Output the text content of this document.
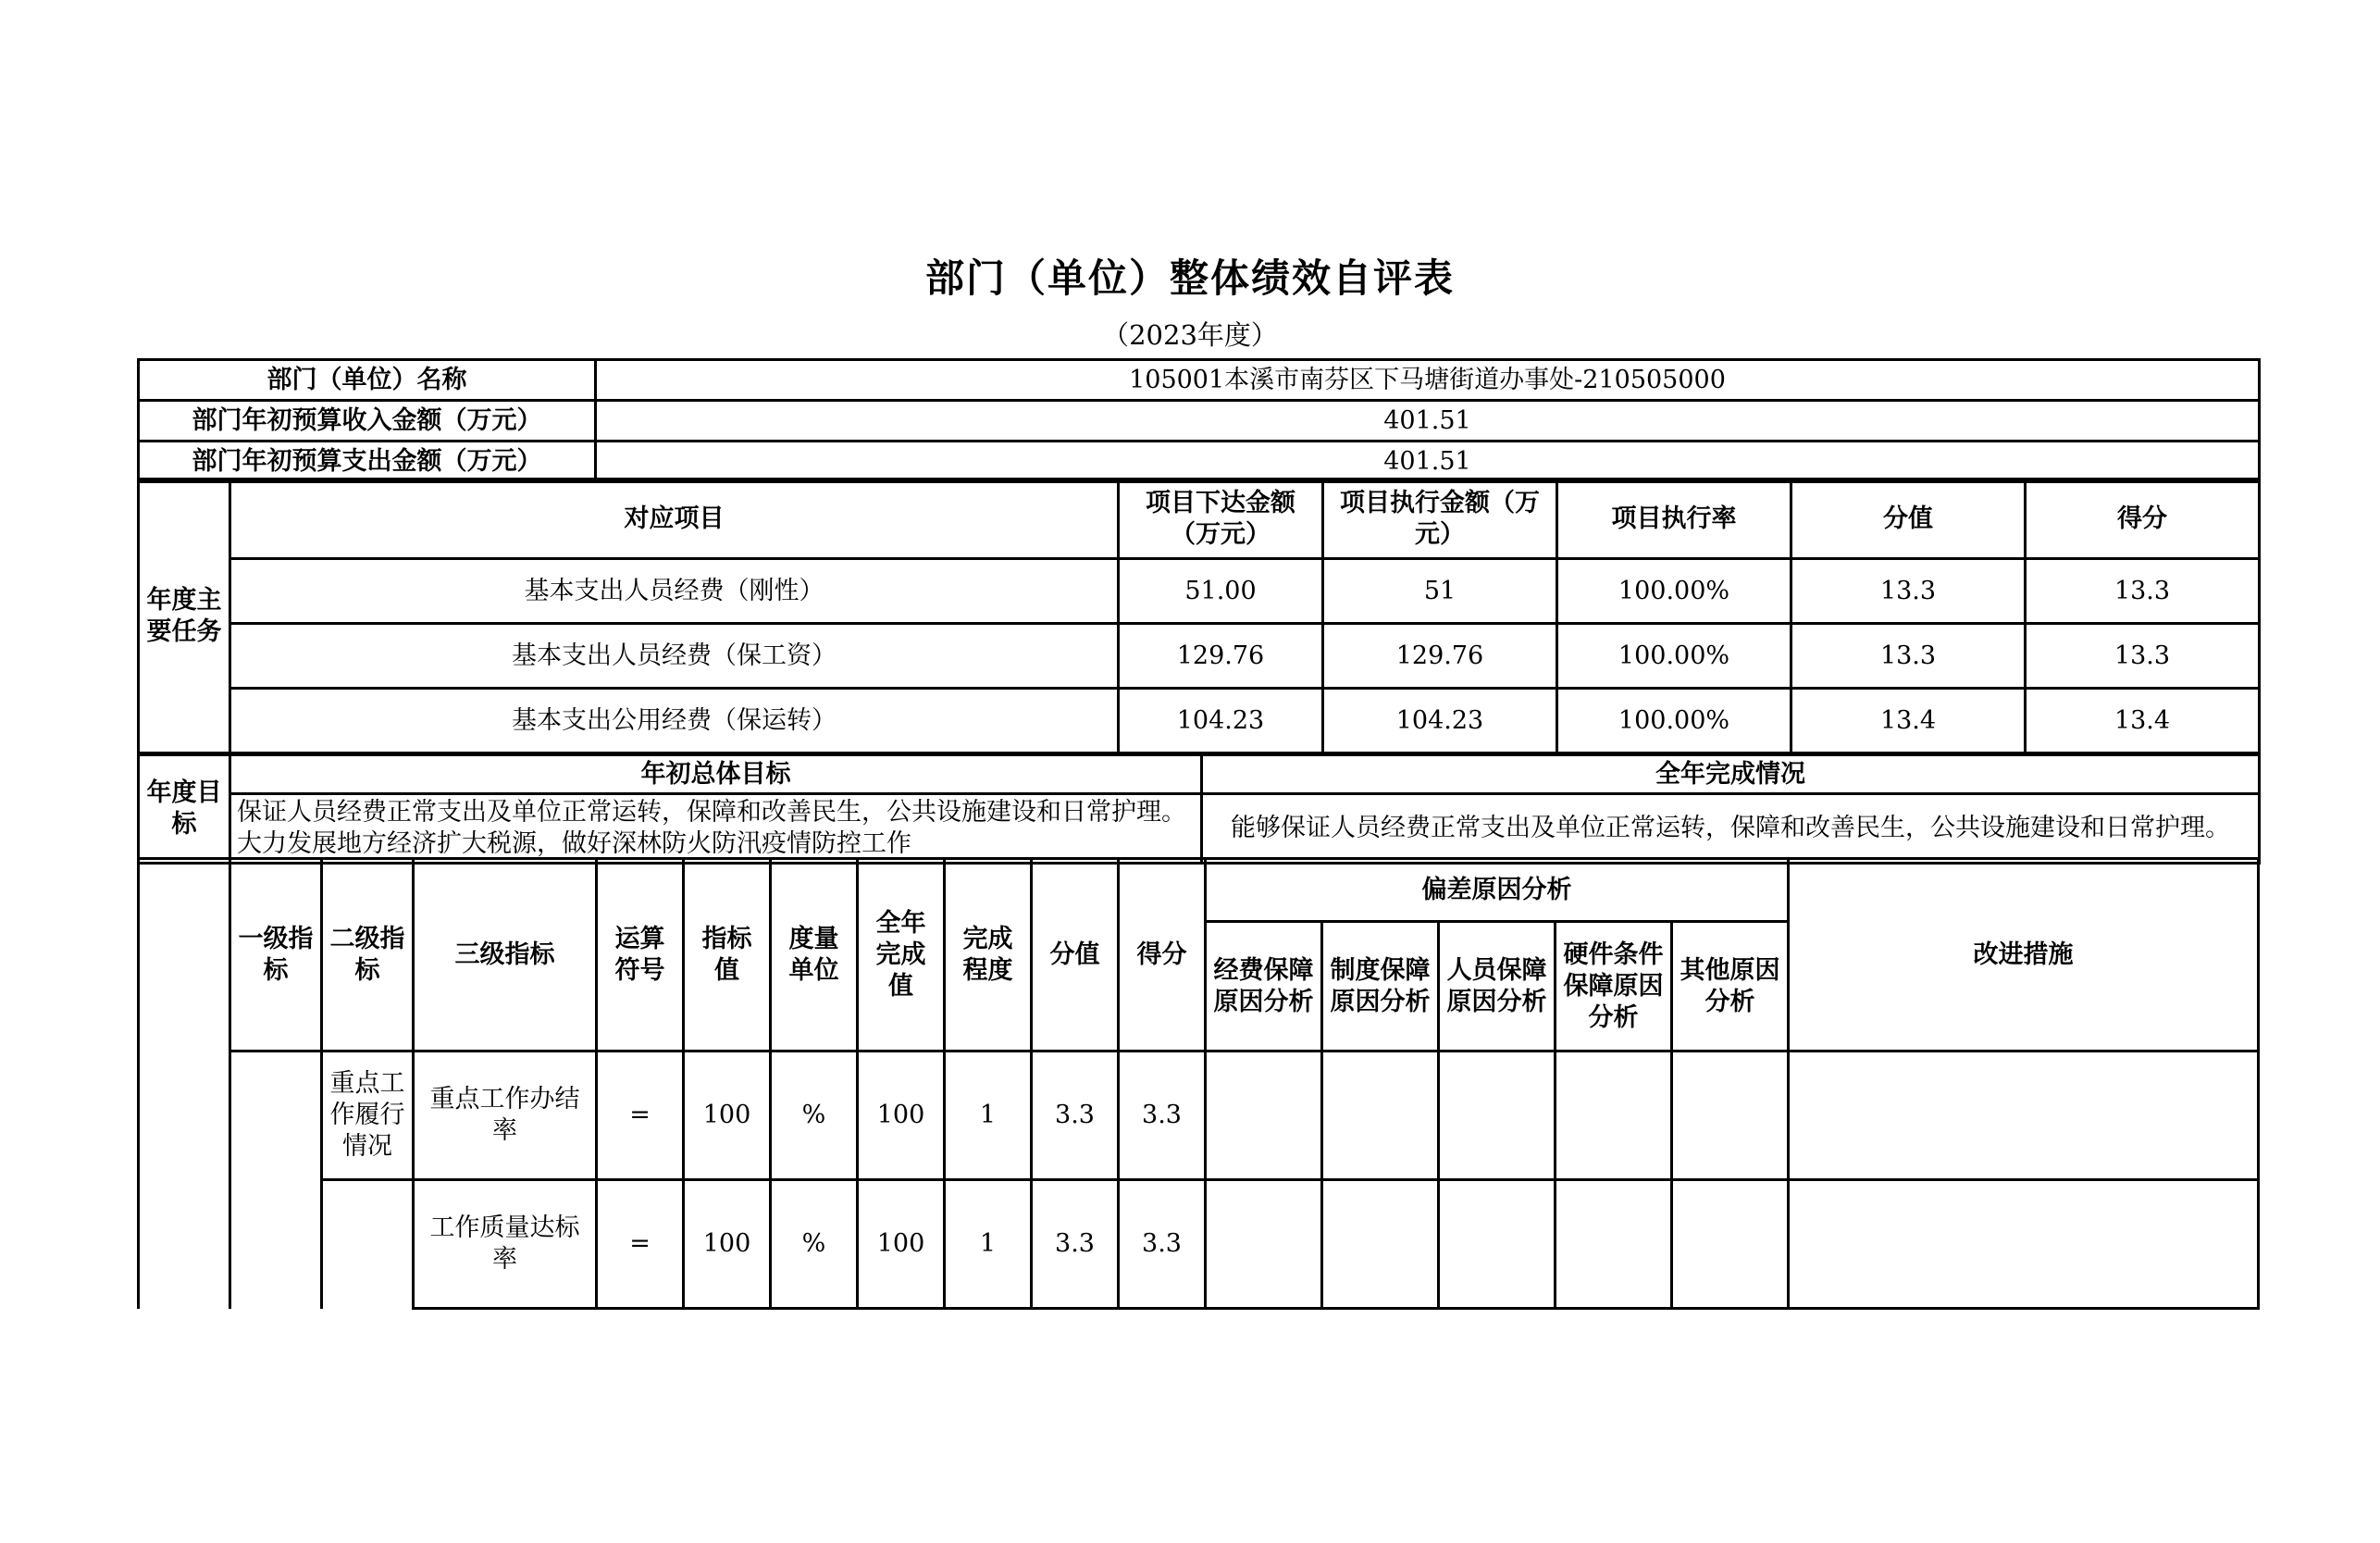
部门（单位）整体绩效自评表
（2023年度）
部门（单位）名称	105001本溪市南芬区下马塘街道办事处-210505000
部门年初预算收入金额（万元）	401.51
部门年初预算支出金额（万元）	401.51
年度主要任务	对应项目	项目下达金额（万元）	项目执行金额（万元）	项目执行率	分值	得分
	基本支出人员经费（刚性）	51.00	51	100.00%	13.3	13.3
	基本支出人员经费（保工资）	129.76	129.76	100.00%	13.3	13.3
	基本支出公用经费（保运转）	104.23	104.23	100.00%	13.4	13.4
年度目标	年初总体目标	全年完成情况
	保证人员经费正常支出及单位正常运转，保障和改善民生，公共设施建设和日常护理。大力发展地方经济扩大税源，做好深林防火防汛疫情防控工作	能够保证人员经费正常支出及单位正常运转，保障和改善民生，公共设施建设和日常护理。
	一级指标	二级指标	三级指标	运算符号	指标值	度量单位	全年完成值	完成程度	分值	得分	偏差原因分析					改进措施
											经费保障原因分析	制度保障原因分析	人员保障原因分析	硬件条件保障原因分析	其他原因分析	
		重点工作履行情况	重点工作办结率	=	100	%	100	1	3.3	3.3						
			工作质量达标率	=	100	%	100	1	3.3	3.3						
